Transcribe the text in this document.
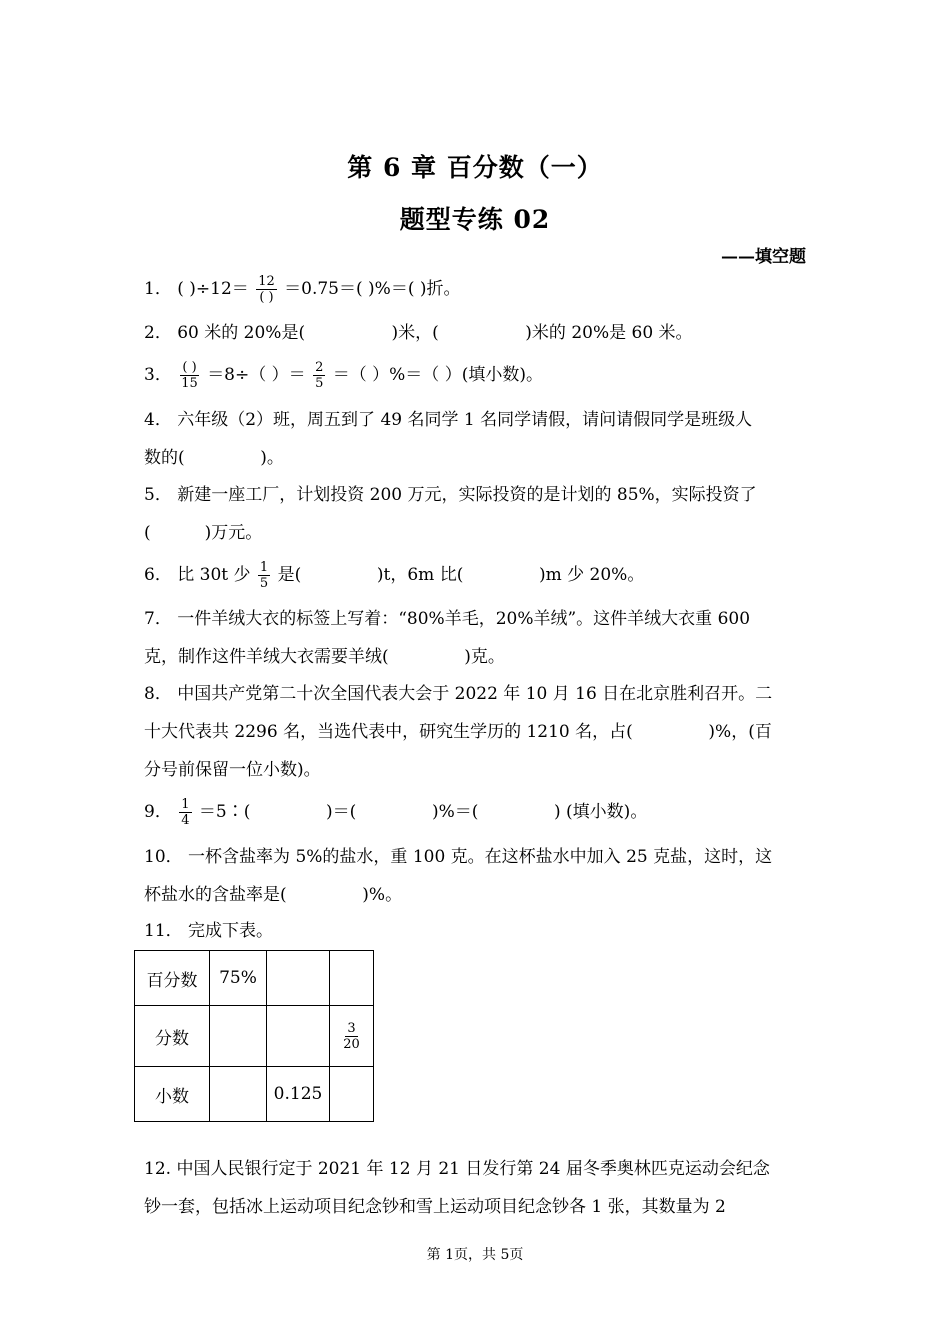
第 6 章 百分数（一）
题型专练 02
——填空题
1． ( )$\div 12= \frac{12}{( )} =0.75=$( )%＝( )折。
2． 60 米的 20%是(                )米，(                )米的 20%是 60 米。
3． $\frac{( )}{15} =8\div$（ ）＝ $\frac{2}{5}$ ＝（ ）%＝（ ）(填小数)。
4． 六年级（2）班，周五到了 49 名同学 1 名同学请假，请问请假同学是班级人
数的(              )。
5． 新建一座工厂，计划投资 200 万元，实际投资的是计划的 85%，实际投资了
(          )万元。
6． 比 30t 少 $\frac{1}{5}$ 是(              )t，6m 比(              )m 少 20%。
7． 一件羊绒大衣的标签上写着：“80%羊毛，20%羊绒”。这件羊绒大衣重 600
克，制作这件羊绒大衣需要羊绒(              )克。
8． 中国共产党第二十次全国代表大会于 2022 年 10 月 16 日在北京胜利召开。二
十大代表共 2296 名，当选代表中，研究生学历的 1210 名，占(              )%，(百
分号前保留一位小数)。
9． $\frac{1}{4}$ ＝5∶(              )＝(              )%＝(              ) (填小数)。
10． 一杯含盐率为 5%的盐水，重 100 克。在这杯盐水中加入 25 克盐，这时，这
杯盐水的含盐率是(              )%。
11． 完成下表。
百分数	75%		
分数			$\frac{3}{20}$

小数		0.125	
12. 中国人民银行定于 2021 年 12 月 21 日发行第 24 届冬季奥林匹克运动会纪念
钞一套，包括冰上运动项目纪念钞和雪上运动项目纪念钞各 1 张，其数量为 2
第 1页，共 5页
